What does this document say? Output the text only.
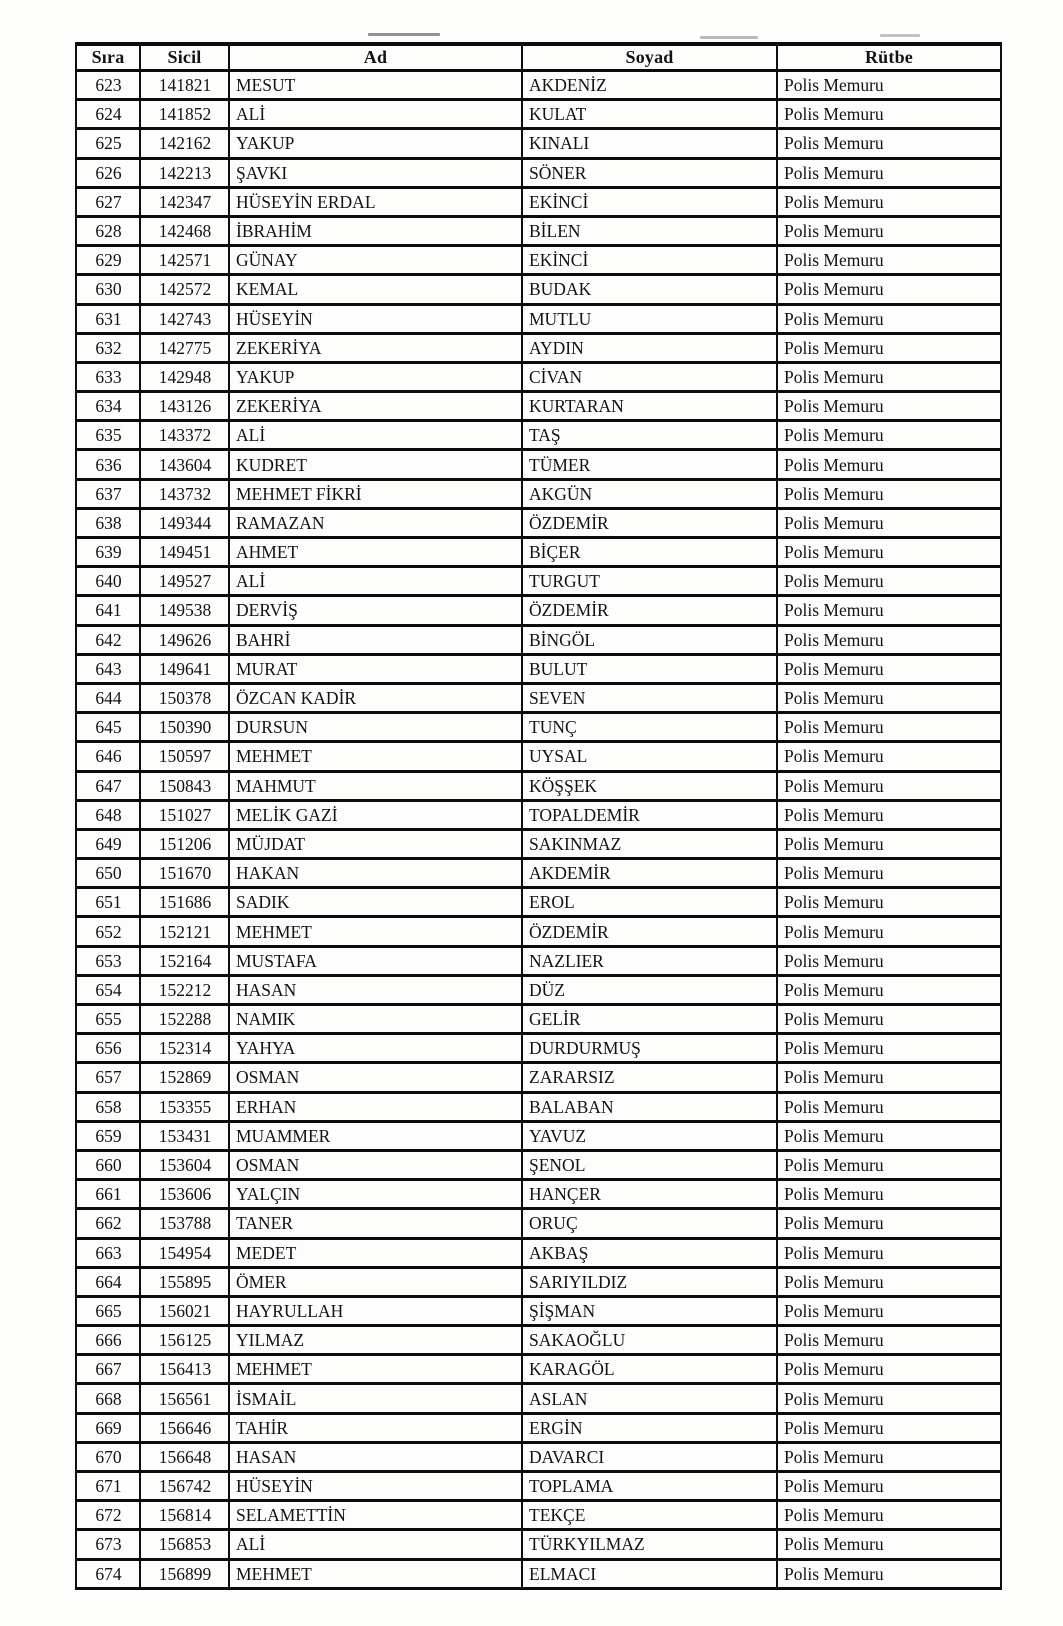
Sıra	Sicil	Ad	Soyad	Rütbe
623	141821	MESUT	AKDENİZ	Polis Memuru
624	141852	ALİ	KULAT	Polis Memuru
625	142162	YAKUP	KINALI	Polis Memuru
626	142213	ŞAVKI	SÖNER	Polis Memuru
627	142347	HÜSEYİN ERDAL	EKİNCİ	Polis Memuru
628	142468	İBRAHİM	BİLEN	Polis Memuru
629	142571	GÜNAY	EKİNCİ	Polis Memuru
630	142572	KEMAL	BUDAK	Polis Memuru
631	142743	HÜSEYİN	MUTLU	Polis Memuru
632	142775	ZEKERİYA	AYDIN	Polis Memuru
633	142948	YAKUP	CİVAN	Polis Memuru
634	143126	ZEKERİYA	KURTARAN	Polis Memuru
635	143372	ALİ	TAŞ	Polis Memuru
636	143604	KUDRET	TÜMER	Polis Memuru
637	143732	MEHMET FİKRİ	AKGÜN	Polis Memuru
638	149344	RAMAZAN	ÖZDEMİR	Polis Memuru
639	149451	AHMET	BİÇER	Polis Memuru
640	149527	ALİ	TURGUT	Polis Memuru
641	149538	DERVİŞ	ÖZDEMİR	Polis Memuru
642	149626	BAHRİ	BİNGÖL	Polis Memuru
643	149641	MURAT	BULUT	Polis Memuru
644	150378	ÖZCAN KADİR	SEVEN	Polis Memuru
645	150390	DURSUN	TUNÇ	Polis Memuru
646	150597	MEHMET	UYSAL	Polis Memuru
647	150843	MAHMUT	KÖŞŞEK	Polis Memuru
648	151027	MELİK GAZİ	TOPALDEMİR	Polis Memuru
649	151206	MÜJDAT	SAKINMAZ	Polis Memuru
650	151670	HAKAN	AKDEMİR	Polis Memuru
651	151686	SADIK	EROL	Polis Memuru
652	152121	MEHMET	ÖZDEMİR	Polis Memuru
653	152164	MUSTAFA	NAZLIER	Polis Memuru
654	152212	HASAN	DÜZ	Polis Memuru
655	152288	NAMIK	GELİR	Polis Memuru
656	152314	YAHYA	DURDURMUŞ	Polis Memuru
657	152869	OSMAN	ZARARSIZ	Polis Memuru
658	153355	ERHAN	BALABAN	Polis Memuru
659	153431	MUAMMER	YAVUZ	Polis Memuru
660	153604	OSMAN	ŞENOL	Polis Memuru
661	153606	YALÇIN	HANÇER	Polis Memuru
662	153788	TANER	ORUÇ	Polis Memuru
663	154954	MEDET	AKBAŞ	Polis Memuru
664	155895	ÖMER	SARIYILDIZ	Polis Memuru
665	156021	HAYRULLAH	ŞİŞMAN	Polis Memuru
666	156125	YILMAZ	SAKAOĞLU	Polis Memuru
667	156413	MEHMET	KARAGÖL	Polis Memuru
668	156561	İSMAİL	ASLAN	Polis Memuru
669	156646	TAHİR	ERGİN	Polis Memuru
670	156648	HASAN	DAVARCI	Polis Memuru
671	156742	HÜSEYİN	TOPLAMA	Polis Memuru
672	156814	SELAMETTİN	TEKÇE	Polis Memuru
673	156853	ALİ	TÜRKYILMAZ	Polis Memuru
674	156899	MEHMET	ELMACI	Polis Memuru
